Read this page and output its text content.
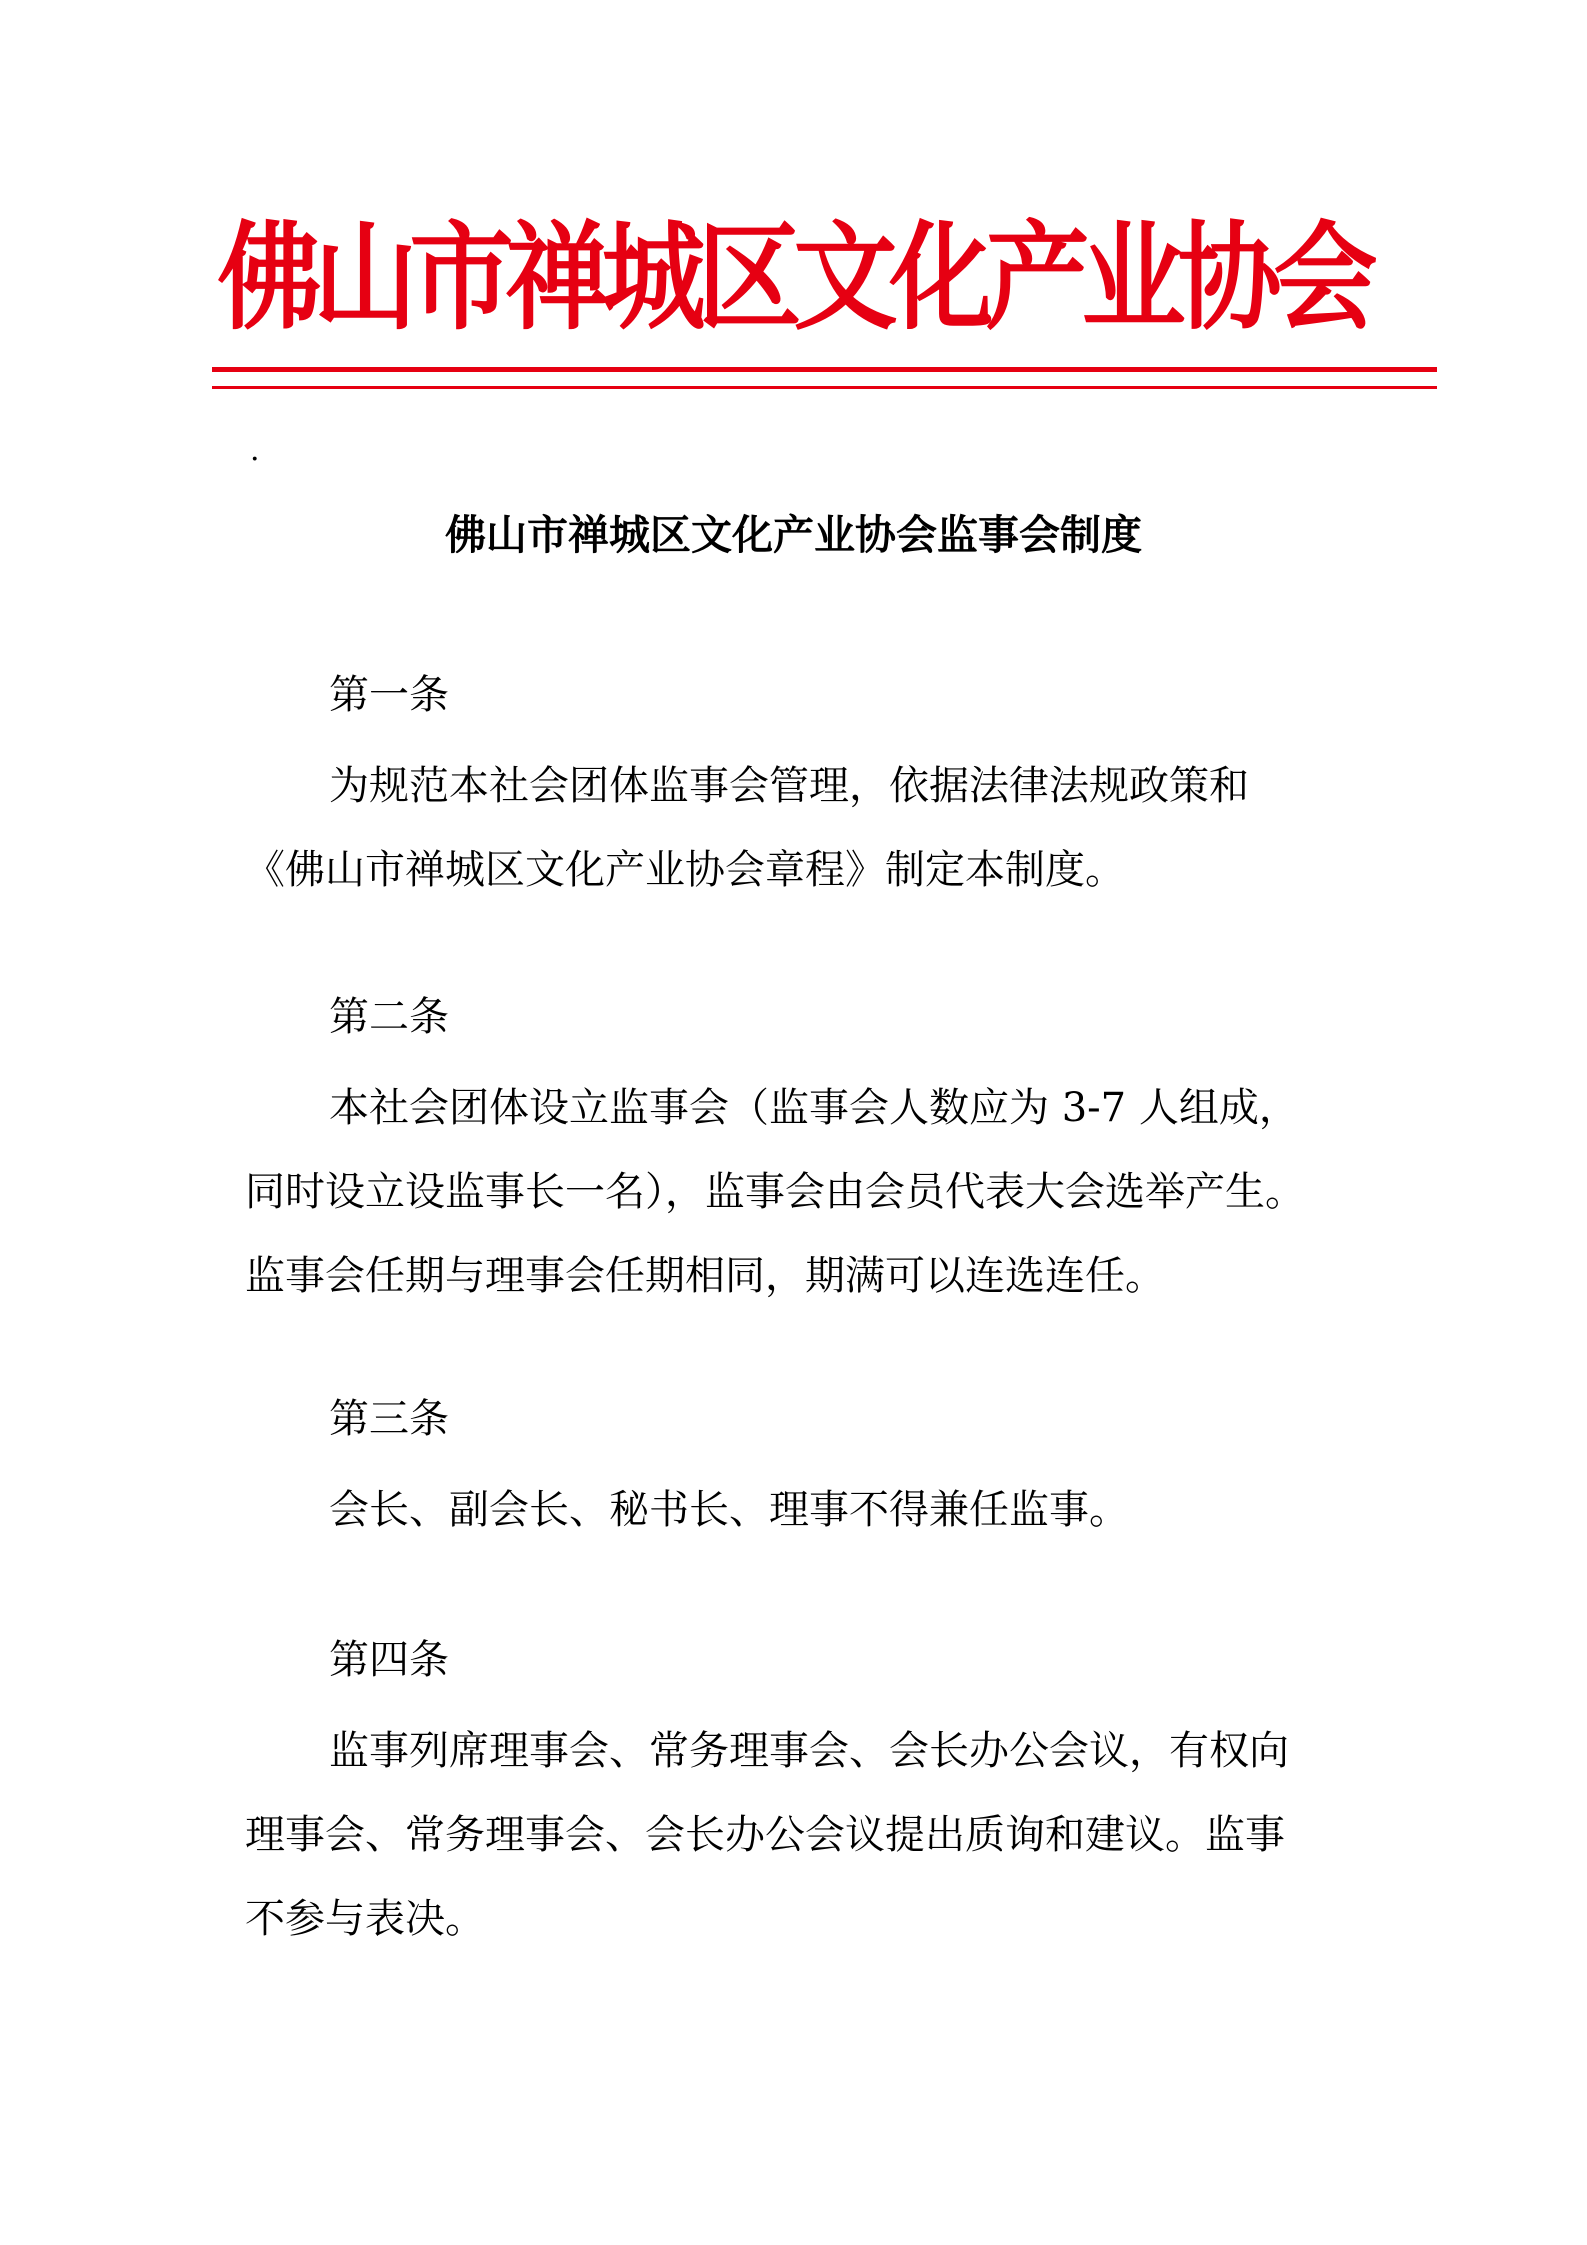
佛山市禅城区文化产业协会
·
佛山市禅城区文化产业协会监事会制度
第一条

为规范本社会团体监事会管理，依据法律法规政策和
《佛山市禅城区文化产业协会章程》制定本制度。

第二条

本社会团体设立监事会（监事会人数应为 3-7 人组成，
同时设立设监事长一名），监事会由会员代表大会选举产生。
监事会任期与理事会任期相同，期满可以连选连任。

第三条

会长、副会长、秘书长、理事不得兼任监事。

第四条

监事列席理事会、常务理事会、会长办公会议，有权向
理事会、常务理事会、会长办公会议提出质询和建议。监事
不参与表决。
